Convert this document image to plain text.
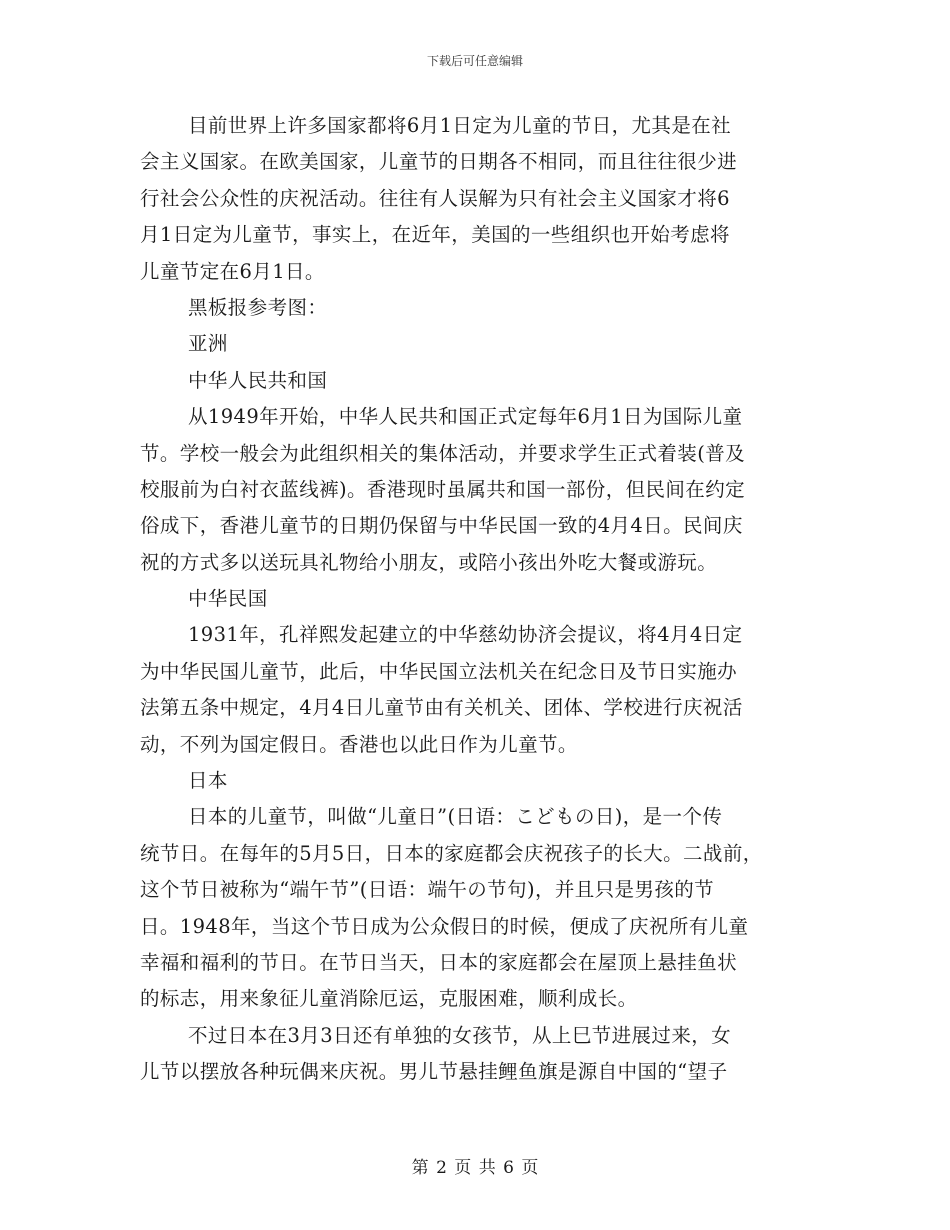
下载后可任意编辑
目前世界上许多国家都将6月1日定为儿童的节日，尤其是在社
会主义国家。在欧美国家，儿童节的日期各不相同，而且往往很少进
行社会公众性的庆祝活动。往往有人误解为只有社会主义国家才将6
月1日定为儿童节，事实上，在近年，美国的一些组织也开始考虑将
儿童节定在6月1日。
黑板报参考图：
亚洲
中华人民共和国
从1949年开始，中华人民共和国正式定每年6月1日为国际儿童
节。学校一般会为此组织相关的集体活动，并要求学生正式着装(普及
校服前为白衬衣蓝线裤)。香港现时虽属共和国一部份，但民间在约定
俗成下，香港儿童节的日期仍保留与中华民国一致的4月4日。民间庆
祝的方式多以送玩具礼物给小朋友，或陪小孩出外吃大餐或游玩。
中华民国
1931年，孔祥熙发起建立的中华慈幼协济会提议，将4月4日定
为中华民国儿童节，此后，中华民国立法机关在纪念日及节日实施办
法第五条中规定，4月4日儿童节由有关机关、团体、学校进行庆祝活
动，不列为国定假日。香港也以此日作为儿童节。
日本
日本的儿童节，叫做“儿童日”(日语：こどもの日)，是一个传
统节日。在每年的5月5日，日本的家庭都会庆祝孩子的长大。二战前，
这个节日被称为“端午节”(日语：端午の节句)，并且只是男孩的节
日。1948年，当这个节日成为公众假日的时候，便成了庆祝所有儿童
幸福和福利的节日。在节日当天，日本的家庭都会在屋顶上悬挂鱼状
的标志，用来象征儿童消除厄运，克服困难，顺利成长。
不过日本在3月3日还有单独的女孩节，从上巳节进展过来，女
儿节以摆放各种玩偶来庆祝。男儿节悬挂鲤鱼旗是源自中国的“望子
第 2 页 共 6 页
